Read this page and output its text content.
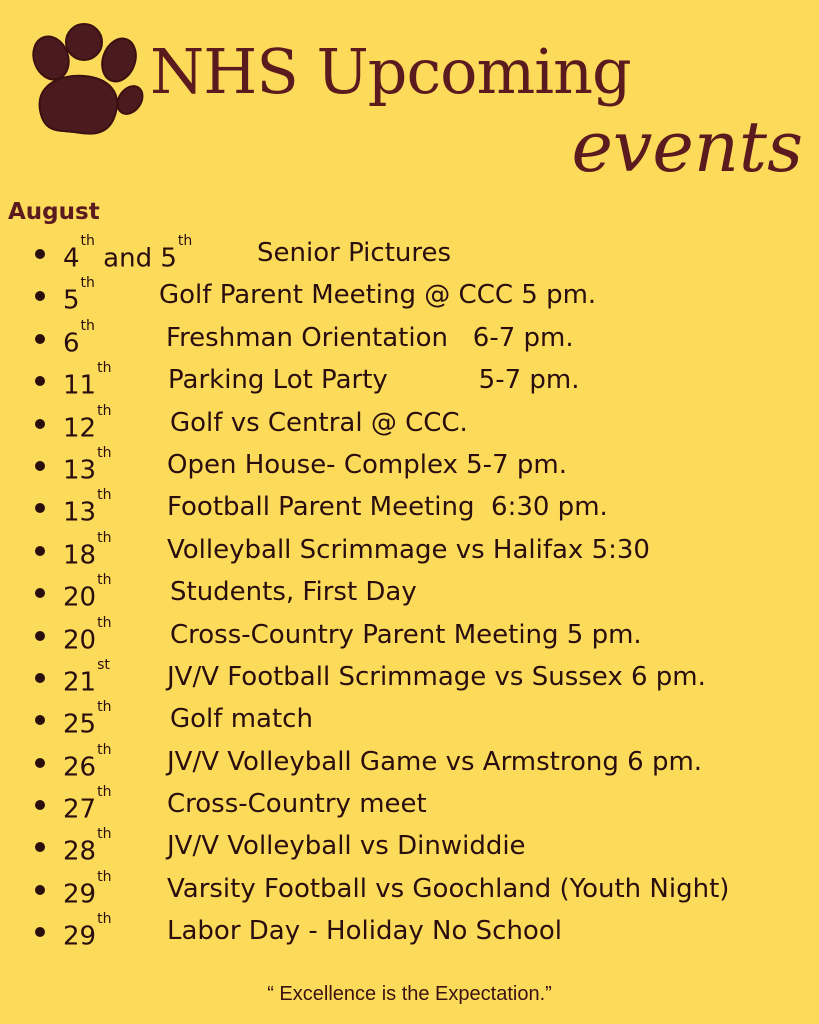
NHS Upcoming
events
August
4th and 5th Senior Pictures
5th Golf Parent Meeting @ CCC 5 pm.
6th	Freshman Orientation   6-7 pm.
11th Parking Lot Party           5-7 pm.
12th Golf vs Central @ CCC.
13th Open House- Complex 5-7 pm.
13th Football Parent Meeting  6:30 pm.
18th Volleyball Scrimmage vs Halifax 5:30
20th Students, First Day
20th Cross-Country Parent Meeting 5 pm.
21st JV/V Football Scrimmage vs Sussex 6 pm.
25th Golf match
26th JV/V Volleyball Game vs Armstrong 6 pm.
27th Cross-Country meet
28th JV/V Volleyball vs Dinwiddie
29th Varsity Football vs Goochland (Youth Night)
29th Labor Day - Holiday No School
“ Excellence is the Expectation.”
